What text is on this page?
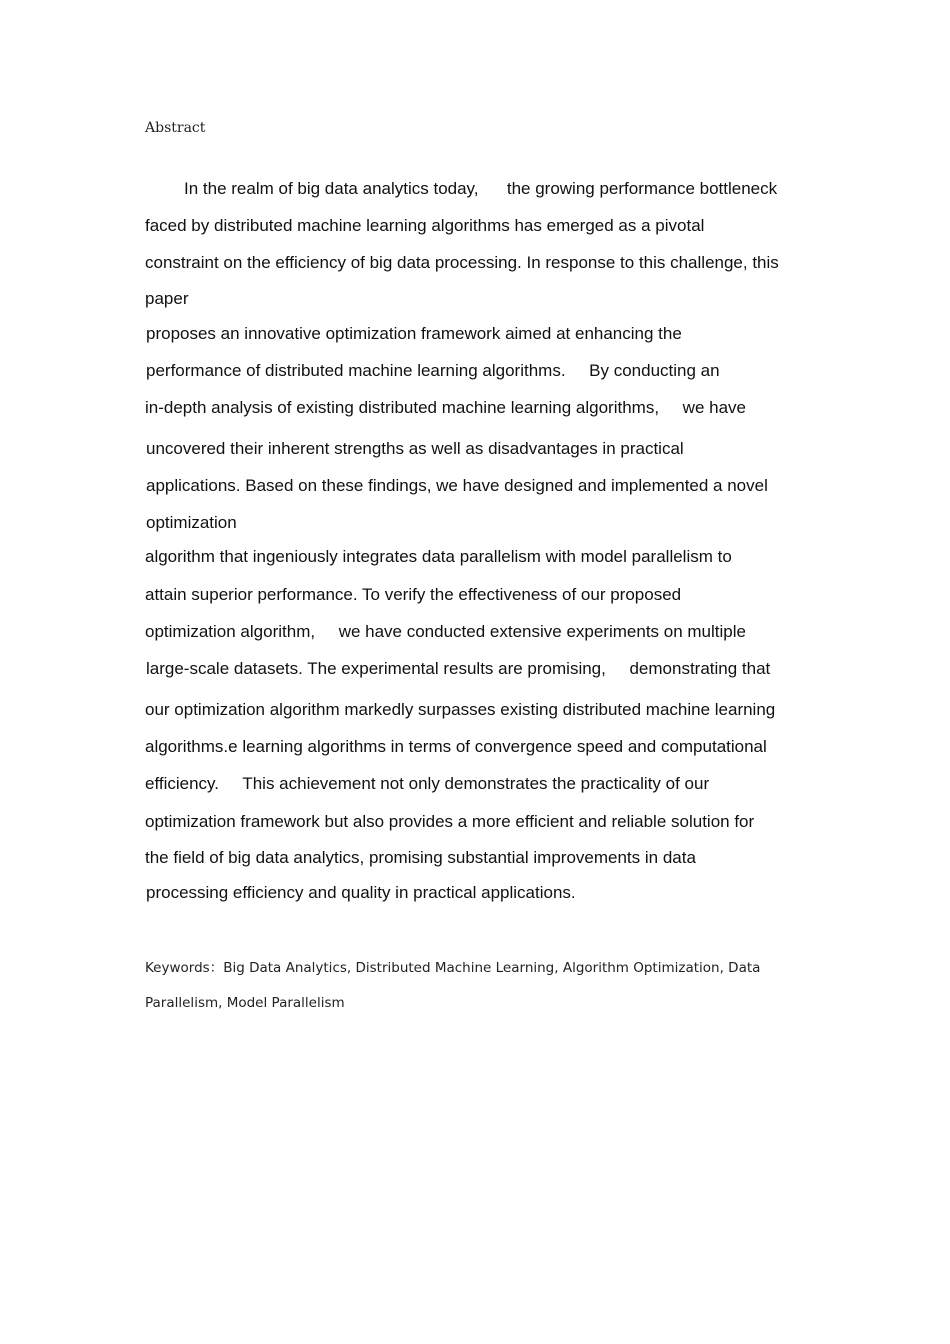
Abstract
In the realm of big data analytics today,      the growing performance bottleneck
faced by distributed machine learning algorithms has emerged as a pivotal
constraint on the efficiency of big data processing. In response to this challenge, this
paper
proposes an innovative optimization framework aimed at enhancing the
performance of distributed machine learning algorithms.     By conducting an
in-depth analysis of existing distributed machine learning algorithms,     we have
uncovered their inherent strengths as well as disadvantages in practical
applications. Based on these findings, we have designed and implemented a novel
optimization
algorithm that ingeniously integrates data parallelism with model parallelism to
attain superior performance. To verify the effectiveness of our proposed
optimization algorithm,     we have conducted extensive experiments on multiple
large-scale datasets. The experimental results are promising,     demonstrating that
our optimization algorithm markedly surpasses existing distributed machine learning
algorithms.e learning algorithms in terms of convergence speed and computational
efficiency.     This achievement not only demonstrates the practicality of our
optimization framework but also provides a more efficient and reliable solution for
the field of big data analytics, promising substantial improvements in data
processing efficiency and quality in practical applications.
Keywords：Big Data Analytics, Distributed Machine Learning, Algorithm Optimization, Data
Parallelism, Model Parallelism
